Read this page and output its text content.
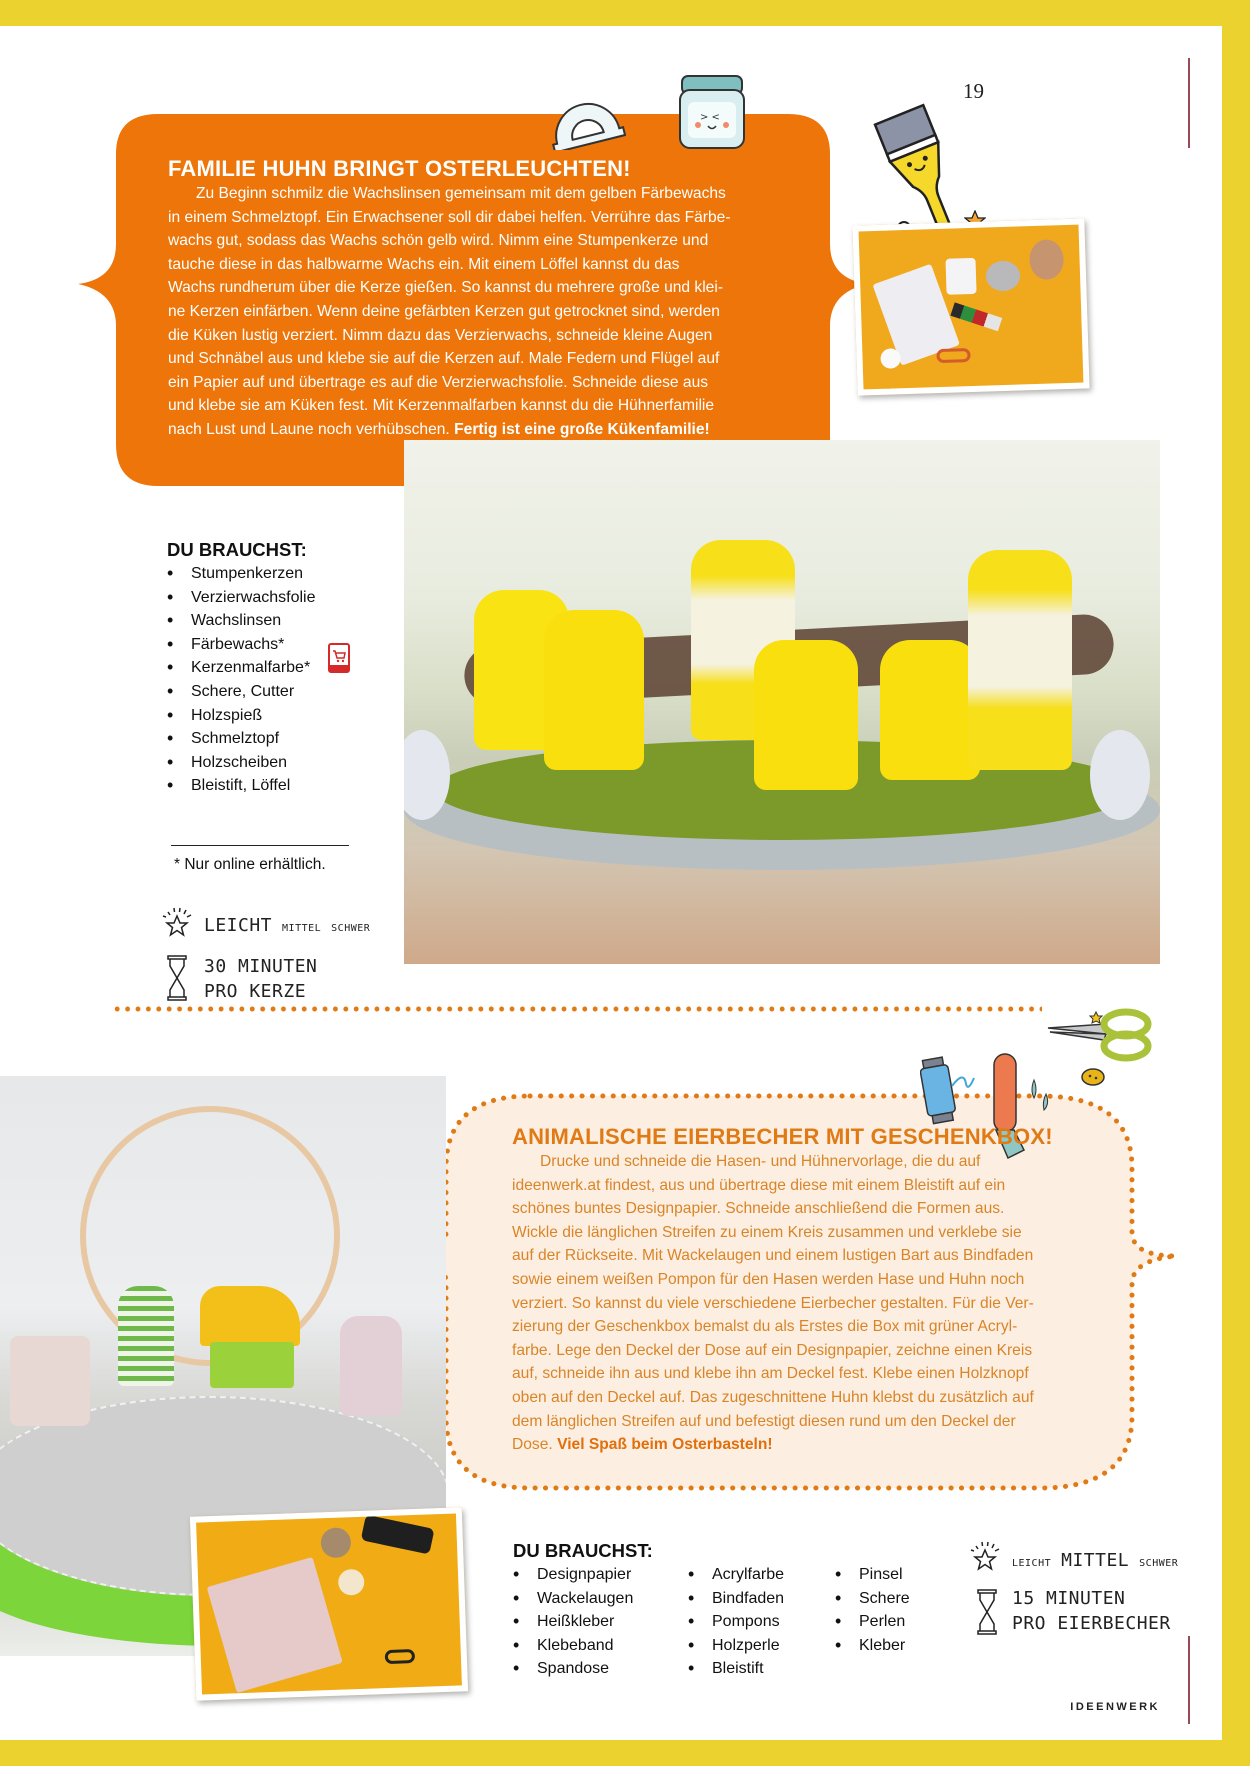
19
IDEENWERK
> <
FAMILIE HUHN BRINGT OSTERLEUCHTEN!
Zu Beginn schmilz die Wachslinsen gemeinsam mit dem gelben Färbewachs
in einem Schmelztopf. Ein Erwachsener soll dir dabei helfen. Verrühre das Färbe-
wachs gut, sodass das Wachs schön gelb wird. Nimm eine Stumpenkerze und
tauche diese in das halbwarme Wachs ein. Mit einem Löffel kannst du das
Wachs rundherum über die Kerze gießen. So kannst du mehrere große und klei-
ne Kerzen einfärben. Wenn deine gefärbten Kerzen gut getrocknet sind, werden
die Küken lustig verziert. Nimm dazu das Verzierwachs, schneide kleine Augen
und Schnäbel aus und klebe sie auf die Kerzen auf. Male Federn und Flügel auf
ein Papier auf und übertrage es auf die Verzierwachsfolie. Schneide diese aus
und klebe sie am Küken fest. Mit Kerzenmalfarben kannst du die Hühnerfamilie
nach Lust und Laune noch verhübschen. Fertig ist eine große Kükenfamilie!
DU BRAUCHST:
• Stumpenkerzen
• Verzierwachsfolie
• Wachslinsen
• Färbewachs*
• Kerzenmalfarbe*
• Schere, Cutter
• Holzspieß
• Schmelztopf
• Holzscheiben
• Bleistift, Löffel
* Nur online erhältlich.
LEICHT MITTEL SCHWER
30 MINUTEN
PRO KERZE
ANIMALISCHE EIERBECHER MIT GESCHENKBOX!
Drucke und schneide die Hasen- und Hühnervorlage, die du auf
ideenwerk.at findest, aus und übertrage diese mit einem Bleistift auf ein
schönes buntes Designpapier. Schneide anschließend die Formen aus.
Wickle die länglichen Streifen zu einem Kreis zusammen und verklebe sie
auf der Rückseite. Mit Wackelaugen und einem lustigen Bart aus Bindfaden
sowie einem weißen Pompon für den Hasen werden Hase und Huhn noch
verziert. So kannst du viele verschiedene Eierbecher gestalten. Für die Ver-
zierung der Geschenkbox bemalst du als Erstes die Box mit grüner Acryl-
farbe. Lege den Deckel der Dose auf ein Designpapier, zeichne einen Kreis
auf, schneide ihn aus und klebe ihn am Deckel fest. Klebe einen Holzknopf
oben auf den Deckel auf. Das zugeschnittene Huhn klebst du zusätzlich auf
dem länglichen Streifen auf und befestigt diesen rund um den Deckel der
Dose. Viel Spaß beim Osterbasteln!
DU BRAUCHST:
• Designpapier
• Wackelaugen
• Heißkleber
• Klebeband
• Spandose
• Acrylfarbe
• Bindfaden
• Pompons
• Holzperle
• Bleistift
• Pinsel
• Schere
• Perlen
• Kleber
LEICHT MITTEL SCHWER
15 MINUTEN
PRO EIERBECHER
